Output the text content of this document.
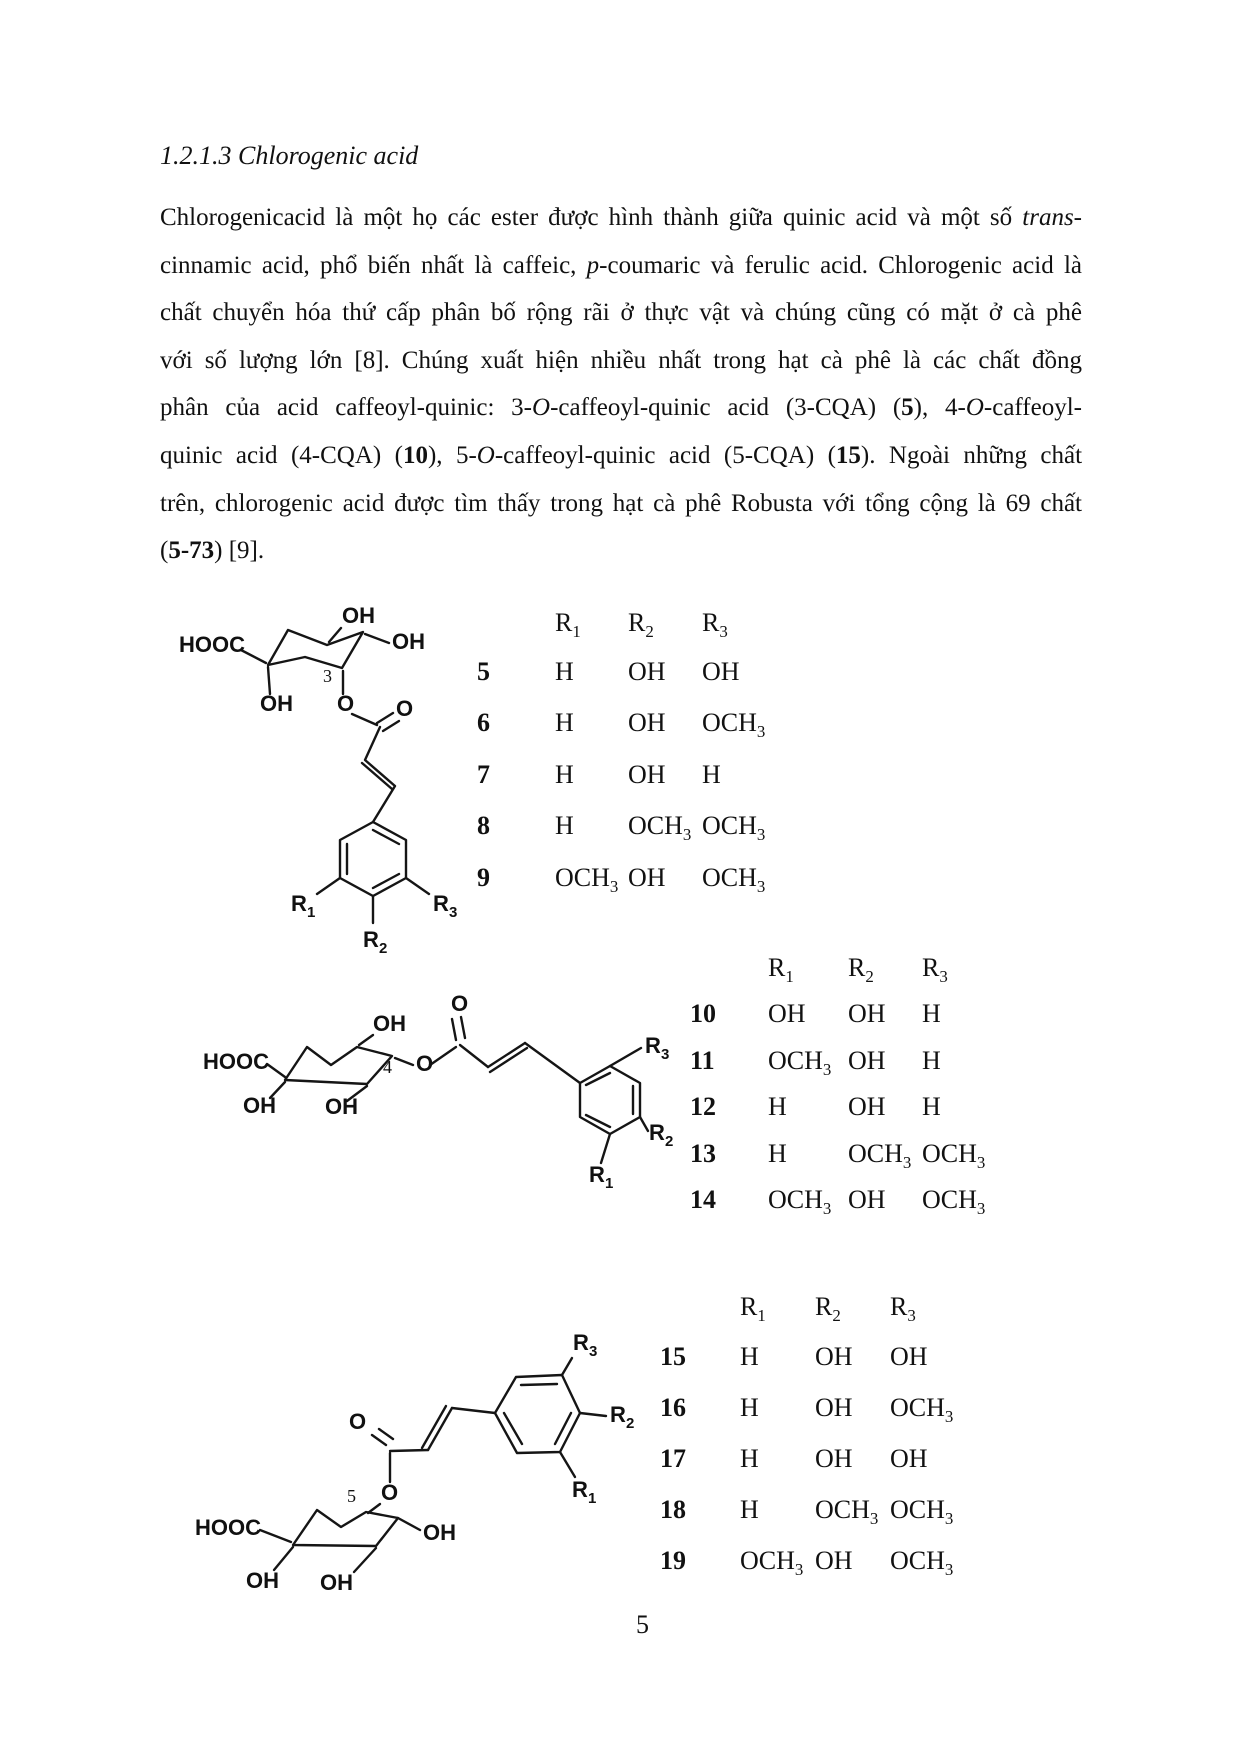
1.2.1.3 Chlorogenic acid
Chlorogenicacid là một họ các ester được hình thành giữa quinic acid và một số trans-
cinnamic acid, phổ biến nhất là caffeic, p-coumaric và ferulic acid. Chlorogenic acid là
chất chuyển hóa thứ cấp phân bố rộng rãi ở thực vật và chúng cũng có mặt ở cà phê
với số lượng lớn [8]. Chúng xuất hiện nhiều nhất trong hạt cà phê là các chất đồng
phân của acid caffeoyl-quinic: 3-O-caffeoyl-quinic acid (3-CQA) (5), 4-O-caffeoyl-
quinic acid (4-CQA) (10), 5-O-caffeoyl-quinic acid (5-CQA) (15). Ngoài những chất
trên, chlorogenic acid được tìm thấy trong hạt cà phê Robusta với tổng cộng là 69 chất
(5-73) [9].
HOOC
OH
OH
OH
3
O O
R 1
R 2
R 3
HOOC
OH
OH OH
4 O
O
R 1
R 2
R 3
HOOC	OH
OH OH
5 O
O
R 1
R 2
R 3
$R_1$ $R_2$ $R_3$
5	H OH OH
6	H OH $OCH_3$
7	H OH H
8	H $OCH_3$ $OCH_3$
9	$OCH_3$ OH $OCH_3$
$R_1$ $R_2$ $R_3$
10	OH OH H
11	$OCH_3$ OH H
12	H OH H
13	H $OCH_3$ $OCH_3$
14	$OCH_3$ OH $OCH_3$
$R_1$ $R_2$ $R_3$
15 H OH OH
16 H OH $OCH_3$
17 H OH OH
18 H $OCH_3$ $OCH_3$
19 $OCH_3$ OH $OCH_3$
5
